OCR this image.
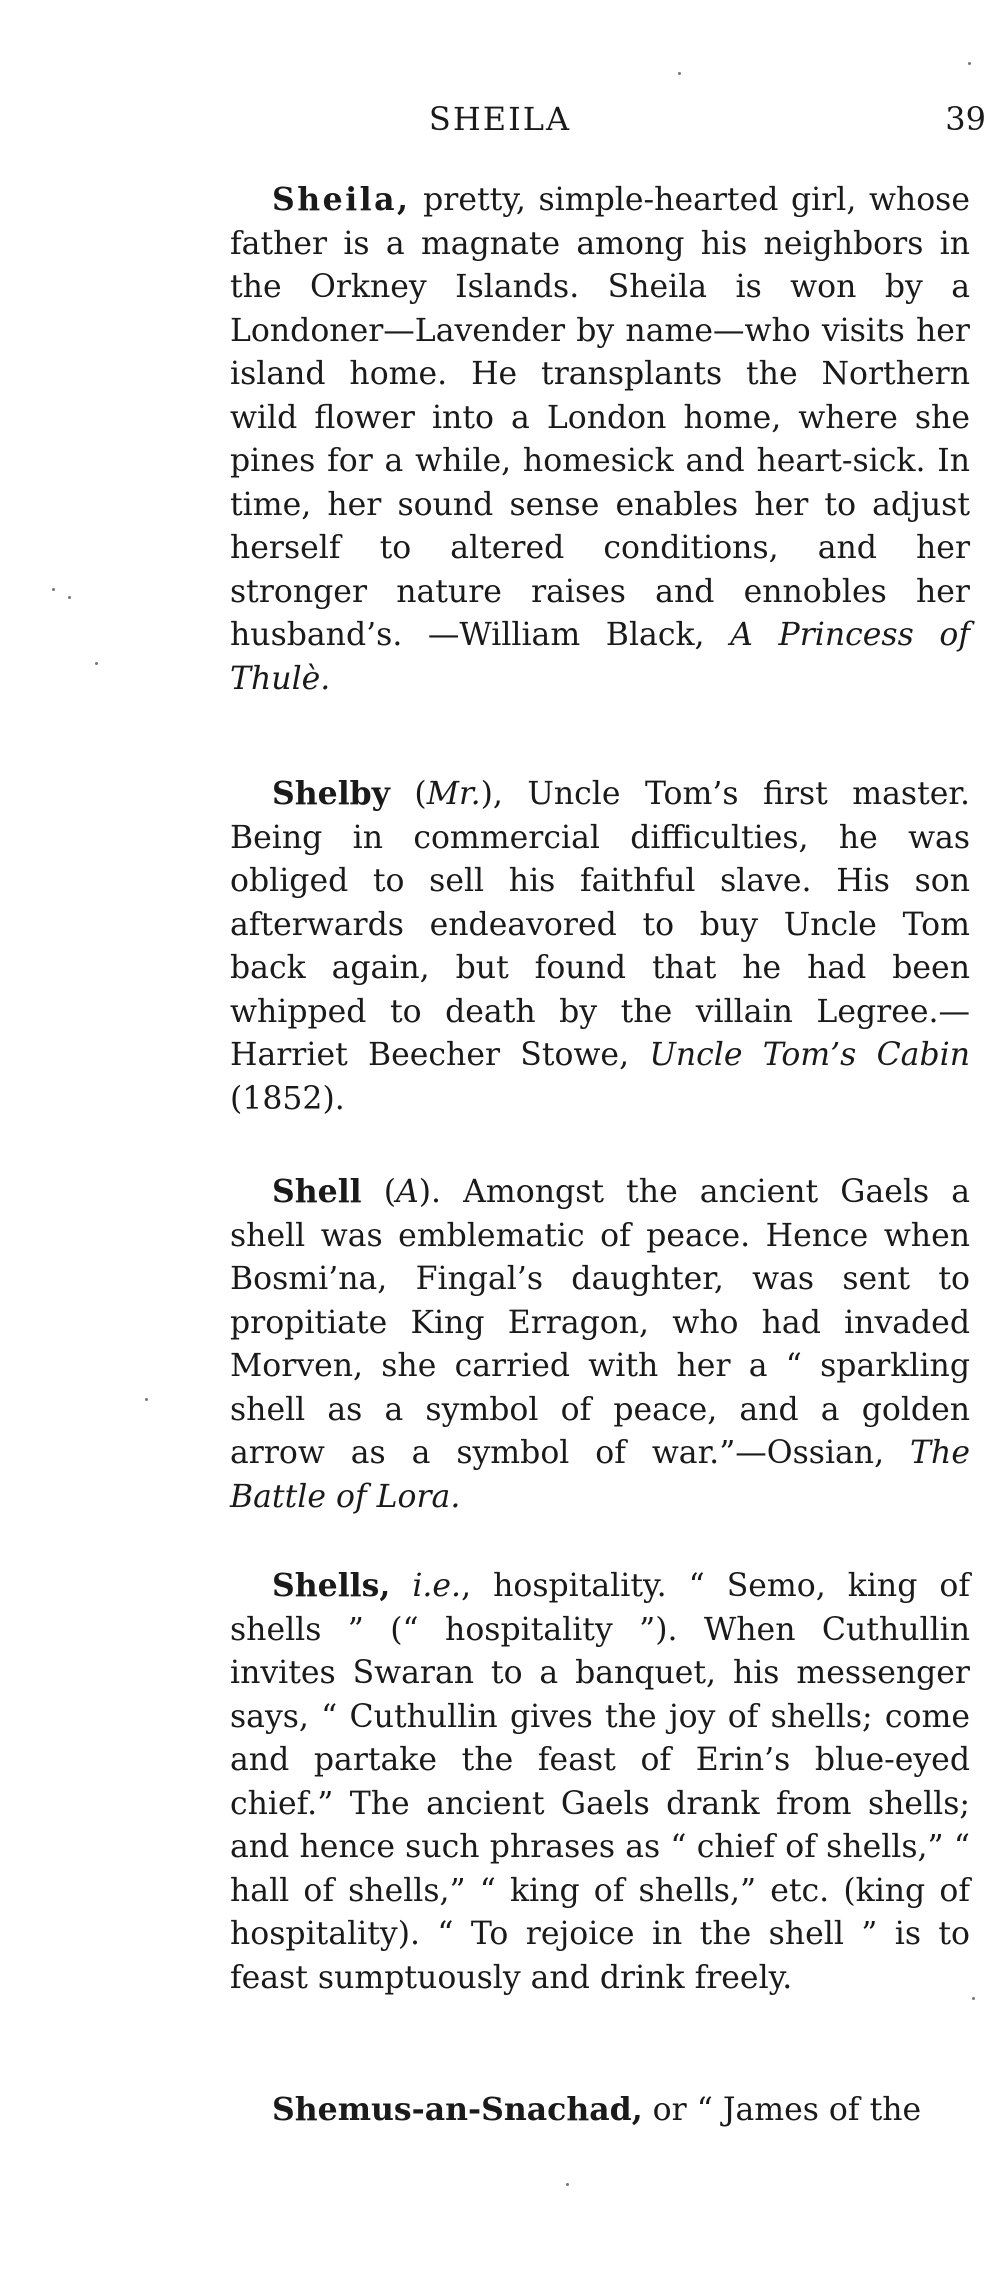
SHEILA	39

Sheila, pretty, simple-hearted girl, whose father is a magnate among his neighbors in the Orkney Islands. Sheila is won by a Londoner—Lavender by name—who visits her island home. He transplants the Northern wild flower into a London home, where she pines for a while, homesick and heart-sick. In time, her sound sense enables her to adjust herself to altered conditions, and her stronger nature raises and ennobles her husband’s. —William Black, A Princess of Thulè.

Shelby (Mr.), Uncle Tom’s first master. Being in commercial difficulties, he was obliged to sell his faithful slave. His son afterwards endeavored to buy Uncle Tom back again, but found that he had been whipped to death by the villain Legree.— Harriet Beecher Stowe, Uncle Tom’s Cabin (1852).

Shell (A). Amongst the ancient Gaels a shell was emblematic of peace. Hence when Bosmi’na, Fingal’s daughter, was sent to propitiate King Erragon, who had invaded Morven, she carried with her a “ sparkling shell as a symbol of peace, and a golden arrow as a symbol of war.”—Ossian, The Battle of Lora.

Shells, i.e., hospitality. “ Semo, king of shells ” (“ hospitality ”). When Cuthullin invites Swaran to a banquet, his messenger says, “ Cuthullin gives the joy of shells; come and partake the feast of Erin’s blue-eyed chief.” The ancient Gaels drank from shells; and hence such phrases as “ chief of shells,” “ hall of shells,” “ king of shells,” etc. (king of hospitality). “ To rejoice in the shell ” is to feast sumptuously and drink freely.

Shemus-an-Snachad, or “ James of the
